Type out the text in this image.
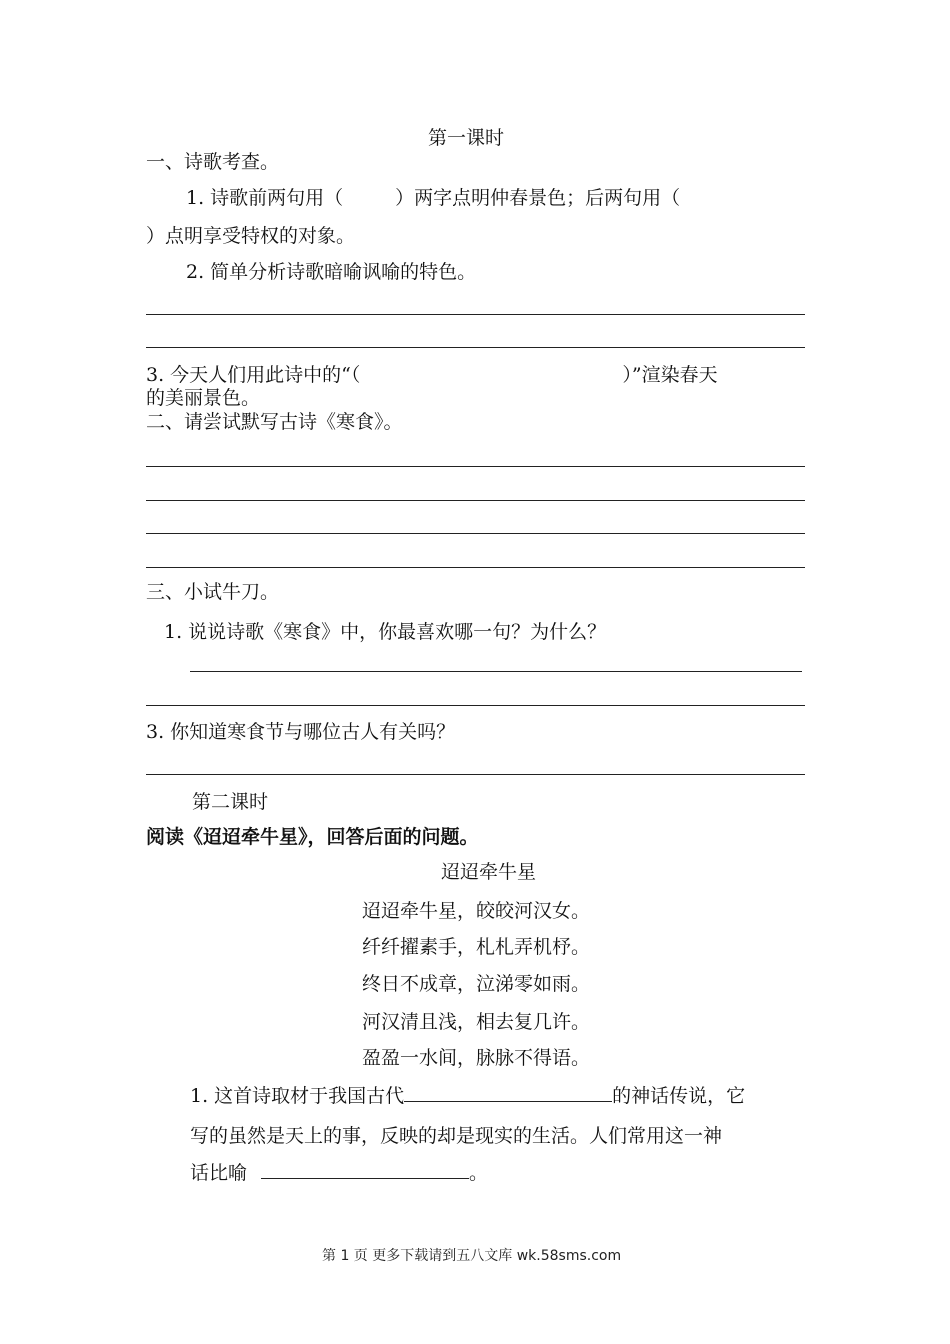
第一课时
一、诗歌考查。
1. 诗歌前两句用（	）两字点明仲春景色；后两句用（
）点明享受特权的对象。
2. 简单分析诗歌暗喻讽喻的特色。
3. 今天人们用此诗中的“（	）”渲染春天
的美丽景色。
二、请尝试默写古诗《寒食》。
三、小试牛刀。
1. 说说诗歌《寒食》中，你最喜欢哪一句？为什么？
3. 你知道寒食节与哪位古人有关吗？
第二课时
阅读《迢迢牵牛星》，回答后面的问题。
迢迢牵牛星
迢迢牵牛星，皎皎河汉女。
纤纤擢素手，札札弄机杼。
终日不成章，泣涕零如雨。
河汉清且浅，相去复几许。
盈盈一水间，脉脉不得语。
1. 这首诗取材于我国古代	的神话传说，它
写的虽然是天上的事，反映的却是现实的生活。人们常用这一神
话比喻	。
第 1 页 更多下载请到五八文库 wk.58sms.com
